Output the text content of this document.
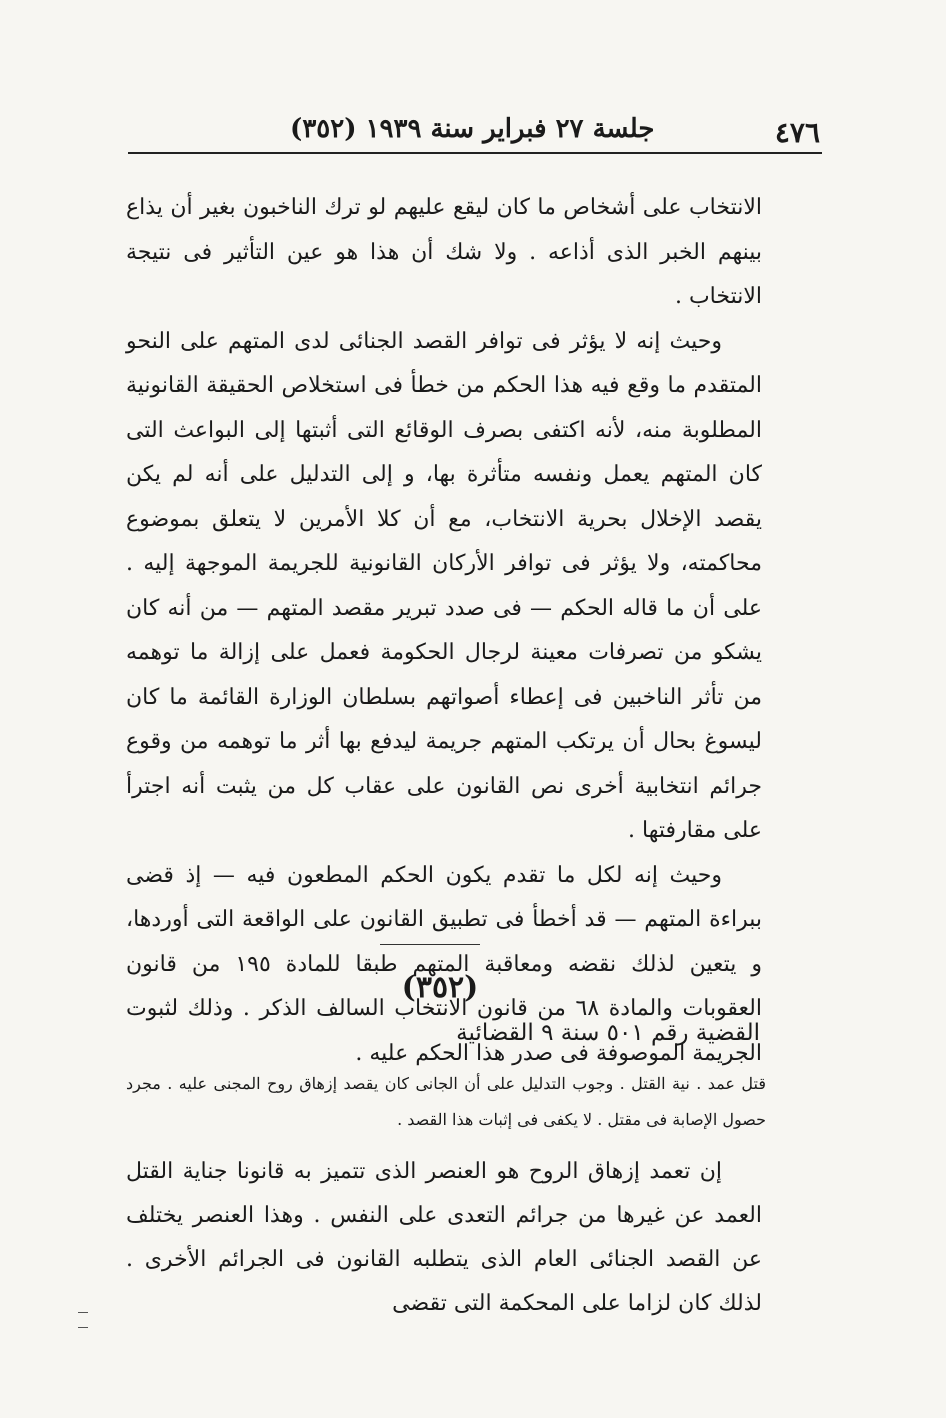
٤٧٦
جلسة ٢٧ فبراير سنة ١٩٣٩ (٣٥٢)

الانتخاب على أشخاص ما كان ليقع عليهم لو ترك الناخبون بغير أن يذاع بينهم الخبر الذى أذاعه . ولا شك أن هذا هو عين التأثير فى نتيجة الانتخاب .

وحيث إنه لا يؤثر فى توافر القصد الجنائى لدى المتهم على النحو المتقدم ما وقع فيه هذا الحكم من خطأ فى استخلاص الحقيقة القانونية المطلوبة منه، لأنه اكتفى بصرف الوقائع التى أثبتها إلى البواعث التى كان المتهم يعمل ونفسه متأثرة بها، و إلى التدليل على أنه لم يكن يقصد الإخلال بحرية الانتخاب، مع أن كلا الأمرين لا يتعلق بموضوع محاكمته، ولا يؤثر فى توافر الأركان القانونية للجريمة الموجهة إليه . على أن ما قاله الحكم — فى صدد تبرير مقصد المتهم — من أنه كان يشكو من تصرفات معينة لرجال الحكومة فعمل على إزالة ما توهمه من تأثر الناخبين فى إعطاء أصواتهم بسلطان الوزارة القائمة ما كان ليسوغ بحال أن يرتكب المتهم جريمة ليدفع بها أثر ما توهمه من وقوع جرائم انتخابية أخرى نص القانون على عقاب كل من يثبت أنه اجترأ على مقارفتها .

وحيث إنه لكل ما تقدم يكون الحكم المطعون فيه — إذ قضى ببراءة المتهم — قد أخطأ فى تطبيق القانون على الواقعة التى أوردها، و يتعين لذلك نقضه ومعاقبة المتهم طبقا للمادة ١٩٥ من قانون العقوبات والمادة ٦٨ من قانون الانتخاب السالف الذكر . وذلك لثبوت الجريمة الموصوفة فى صدر هذا الحكم عليه .

(٣٥٢)
القضية رقم ٥٠١ سنة ٩ القضائية

قتل عمد . نية القتل . وجوب التدليل على أن الجانى كان يقصد إزهاق روح المجنى عليه . مجرد حصول الإصابة فى مقتل . لا يكفى فى إثبات هذا القصد .

إن تعمد إزهاق الروح هو العنصر الذى تتميز به قانونا جناية القتل العمد عن غيرها من جرائم التعدى على النفس . وهذا العنصر يختلف عن القصد الجنائى العام الذى يتطلبه القانون فى الجرائم الأخرى . لذلك كان لزاما على المحكمة التى تقضى
